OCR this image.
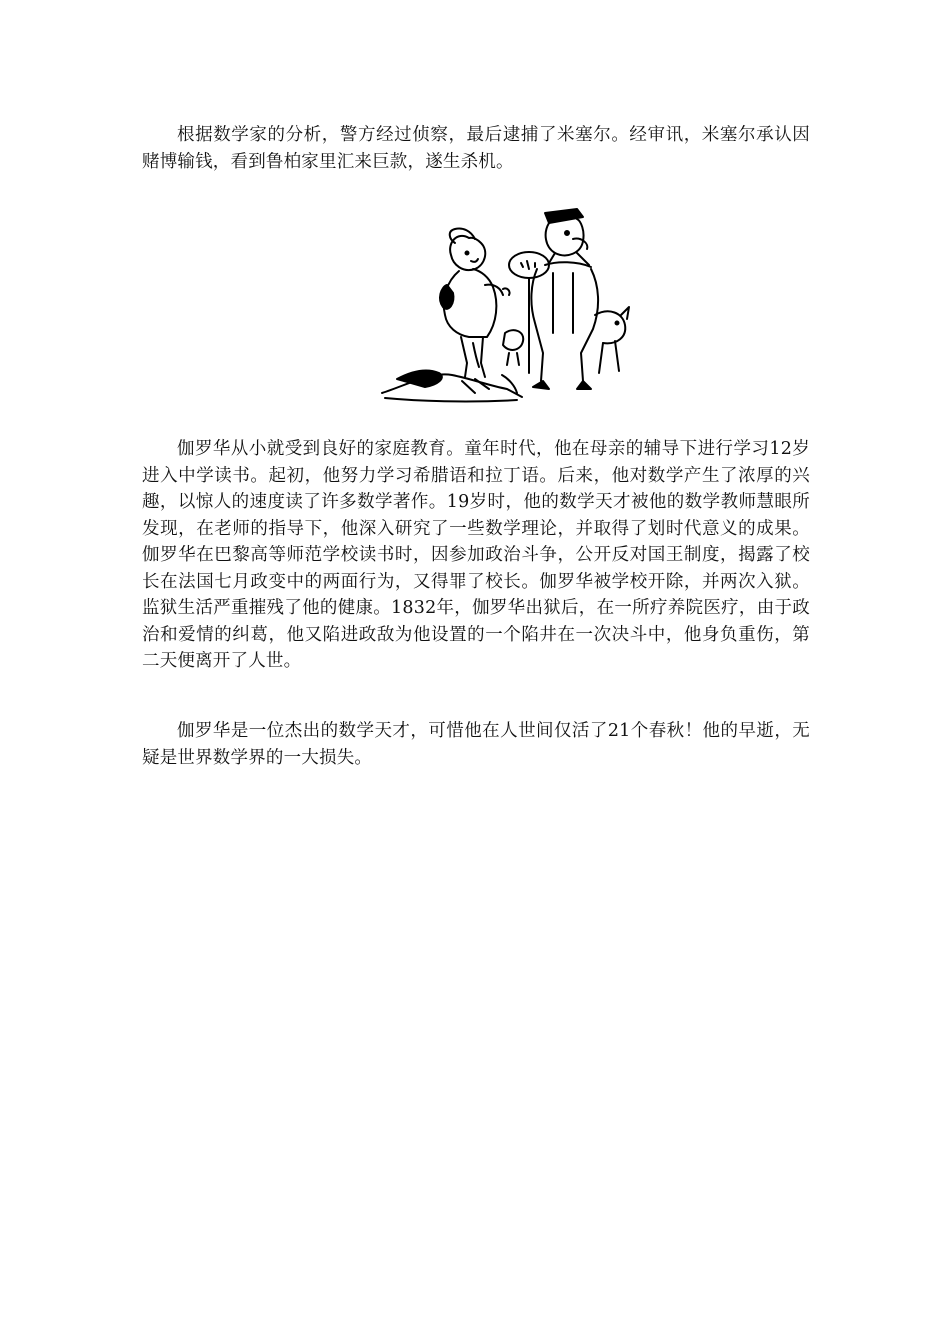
根据数学家的分析，警方经过侦察，最后逮捕了米塞尔。经审讯，米塞尔承认因赌博输钱，看到鲁柏家里汇来巨款，遂生杀机。

伽罗华从小就受到良好的家庭教育。童年时代，他在母亲的辅导下进行学习12岁进入中学读书。起初，他努力学习希腊语和拉丁语。后来，他对数学产生了浓厚的兴趣，以惊人的速度读了许多数学著作。19岁时，他的数学天才被他的数学教师慧眼所发现，在老师的指导下，他深入研究了一些数学理论，并取得了划时代意义的成果。伽罗华在巴黎高等师范学校读书时，因参加政治斗争，公开反对国王制度，揭露了校长在法国七月政变中的两面行为，又得罪了校长。伽罗华被学校开除，并两次入狱。监狱生活严重摧残了他的健康。1832年，伽罗华出狱后，在一所疗养院医疗，由于政治和爱情的纠葛，他又陷进政敌为他设置的一个陷井在一次决斗中，他身负重伤，第二天便离开了人世。

伽罗华是一位杰出的数学天才，可惜他在人世间仅活了21个春秋！他的早逝，无疑是世界数学界的一大损失。
